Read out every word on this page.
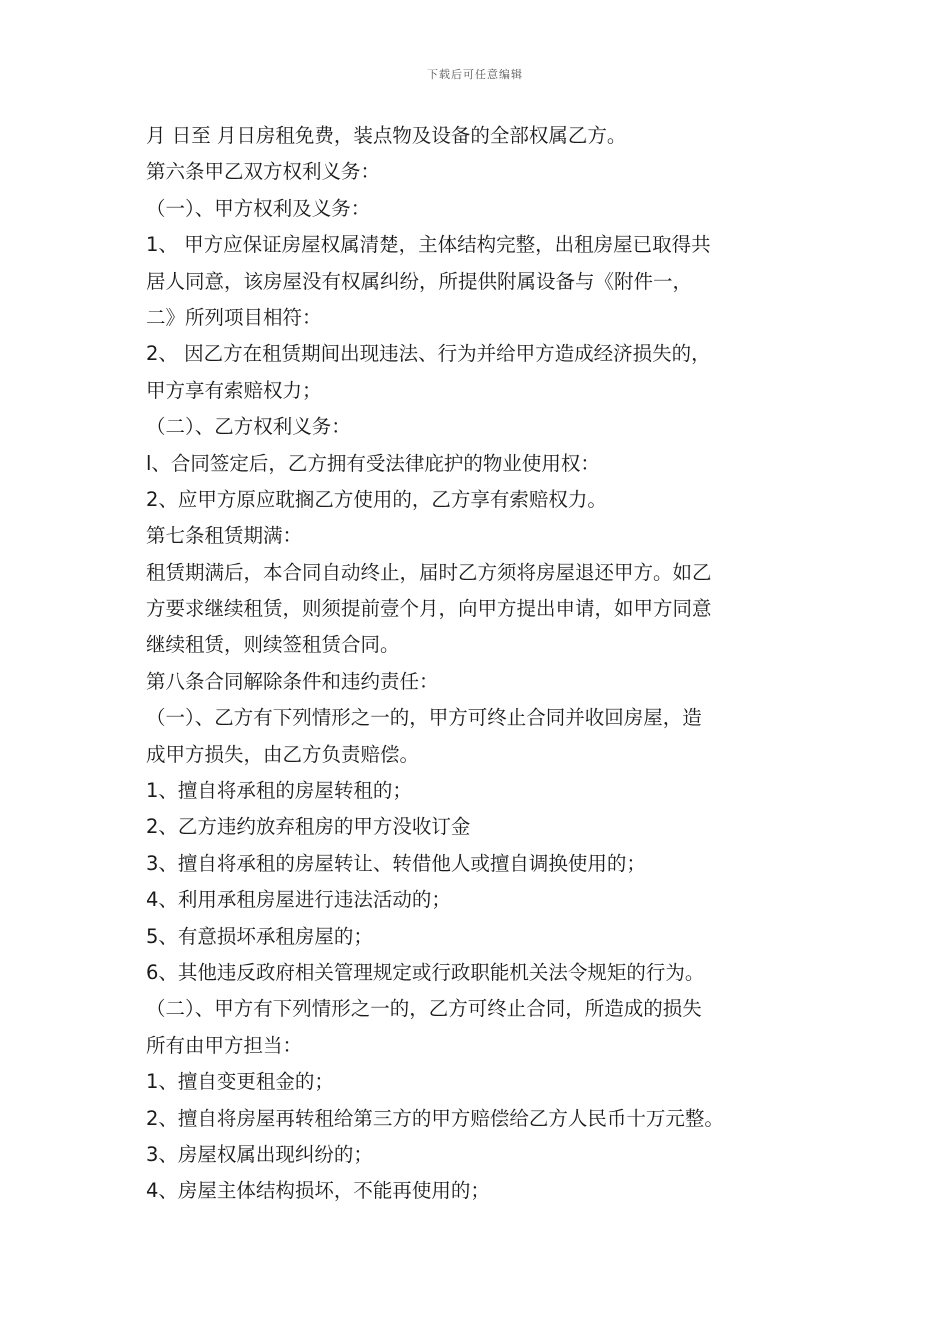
下载后可任意编辑
月 日至 月日房租免费，装点物及设备的全部权属乙方。
第六条甲乙双方权利义务：
（一）、甲方权利及义务：
1、 甲方应保证房屋权属清楚，主体结构完整，出租房屋已取得共
居人同意，该房屋没有权属纠纷，所提供附属设备与《附件一，
二》所列项目相符：
2、 因乙方在租赁期间出现违法、行为并给甲方造成经济损失的，
甲方享有索赔权力；
（二）、乙方权利义务：
l、合同签定后，乙方拥有受法律庇护的物业使用权：
2、应甲方原应耽搁乙方使用的，乙方享有索赔权力。
第七条租赁期满：
租赁期满后，本合同自动终止，届时乙方须将房屋退还甲方。如乙
方要求继续租赁，则须提前壹个月，向甲方提出申请，如甲方同意
继续租赁，则续签租赁合同。
第八条合同解除条件和违约责任：
（一）、乙方有下列情形之一的，甲方可终止合同并收回房屋，造
成甲方损失，由乙方负责赔偿。
1、擅自将承租的房屋转租的；
2、乙方违约放弃租房的甲方没收订金
3、擅自将承租的房屋转让、转借他人或擅自调换使用的；
4、利用承租房屋进行违法活动的；
5、有意损坏承租房屋的；
6、其他违反政府相关管理规定或行政职能机关法令规矩的行为。
（二）、甲方有下列情形之一的，乙方可终止合同，所造成的损失
所有由甲方担当：
1、擅自变更租金的；
2、擅自将房屋再转租给第三方的甲方赔偿给乙方人民币十万元整。
3、房屋权属出现纠纷的；
4、房屋主体结构损坏，不能再使用的；
